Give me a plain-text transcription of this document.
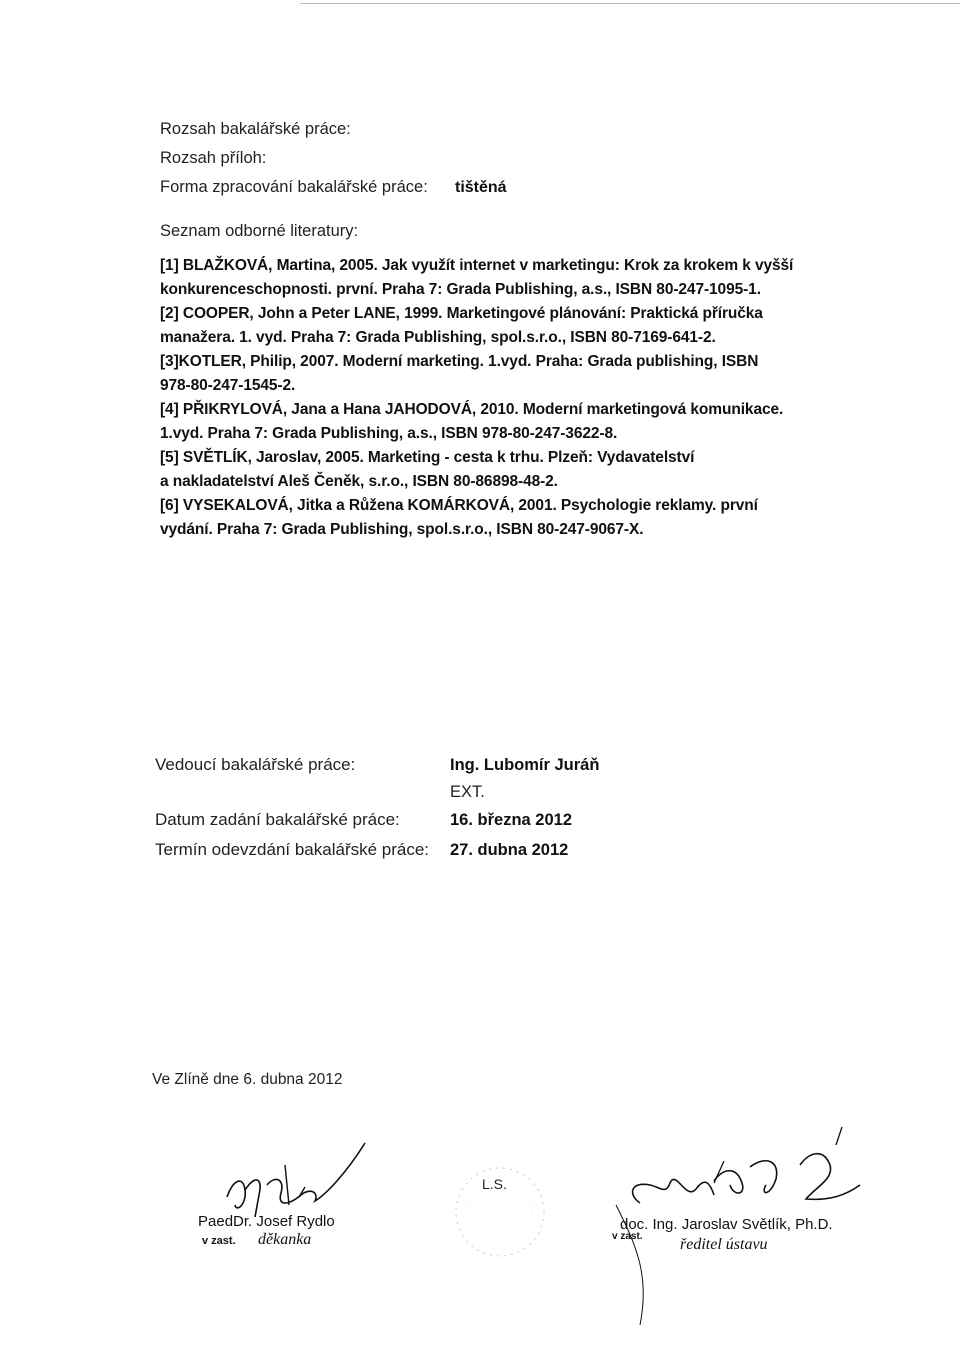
Rozsah bakalářské práce:
Rozsah příloh:
Forma zpracování bakalářské práce: tištěná
Seznam odborné literatury:
[1] BLAŽKOVÁ, Martina, 2005. Jak využít internet v marketingu: Krok za krokem k vyšší
konkurenceschopnosti. první. Praha 7: Grada Publishing, a.s., ISBN 80-247-1095-1.
[2] COOPER, John a Peter LANE, 1999. Marketingové plánování: Praktická příručka
manažera. 1. vyd. Praha 7: Grada Publishing, spol.s.r.o., ISBN 80-7169-641-2.
[3]KOTLER, Philip, 2007. Moderní marketing. 1.vyd. Praha: Grada publishing, ISBN
978-80-247-1545-2.
[4] PŘIKRYLOVÁ, Jana a Hana JAHODOVÁ, 2010. Moderní marketingová komunikace.
1.vyd. Praha 7: Grada Publishing, a.s., ISBN 978-80-247-3622-8.
[5] SVĚTLÍK, Jaroslav, 2005. Marketing - cesta k trhu. Plzeň: Vydavatelství
a nakladatelství Aleš Čeněk, s.r.o., ISBN 80-86898-48-2.
[6] VYSEKALOVÁ, Jitka a Růžena KOMÁRKOVÁ, 2001. Psychologie reklamy. první
vydání. Praha 7: Grada Publishing, spol.s.r.o., ISBN 80-247-9067-X.
Vedoucí bakalářské práce:	Ing. Lubomír Juráň
EXT.
Datum zadání bakalářské práce:	16. března 2012
Termín odevzdání bakalářské práce: 27. dubna 2012
Ve Zlíně dne 6. dubna 2012
PaedDr. Josef Rydlo
v zast. děkanka
L.S.
doc. Ing. Jaroslav Světlík, Ph.D.
v zast. ředitel ústavu
